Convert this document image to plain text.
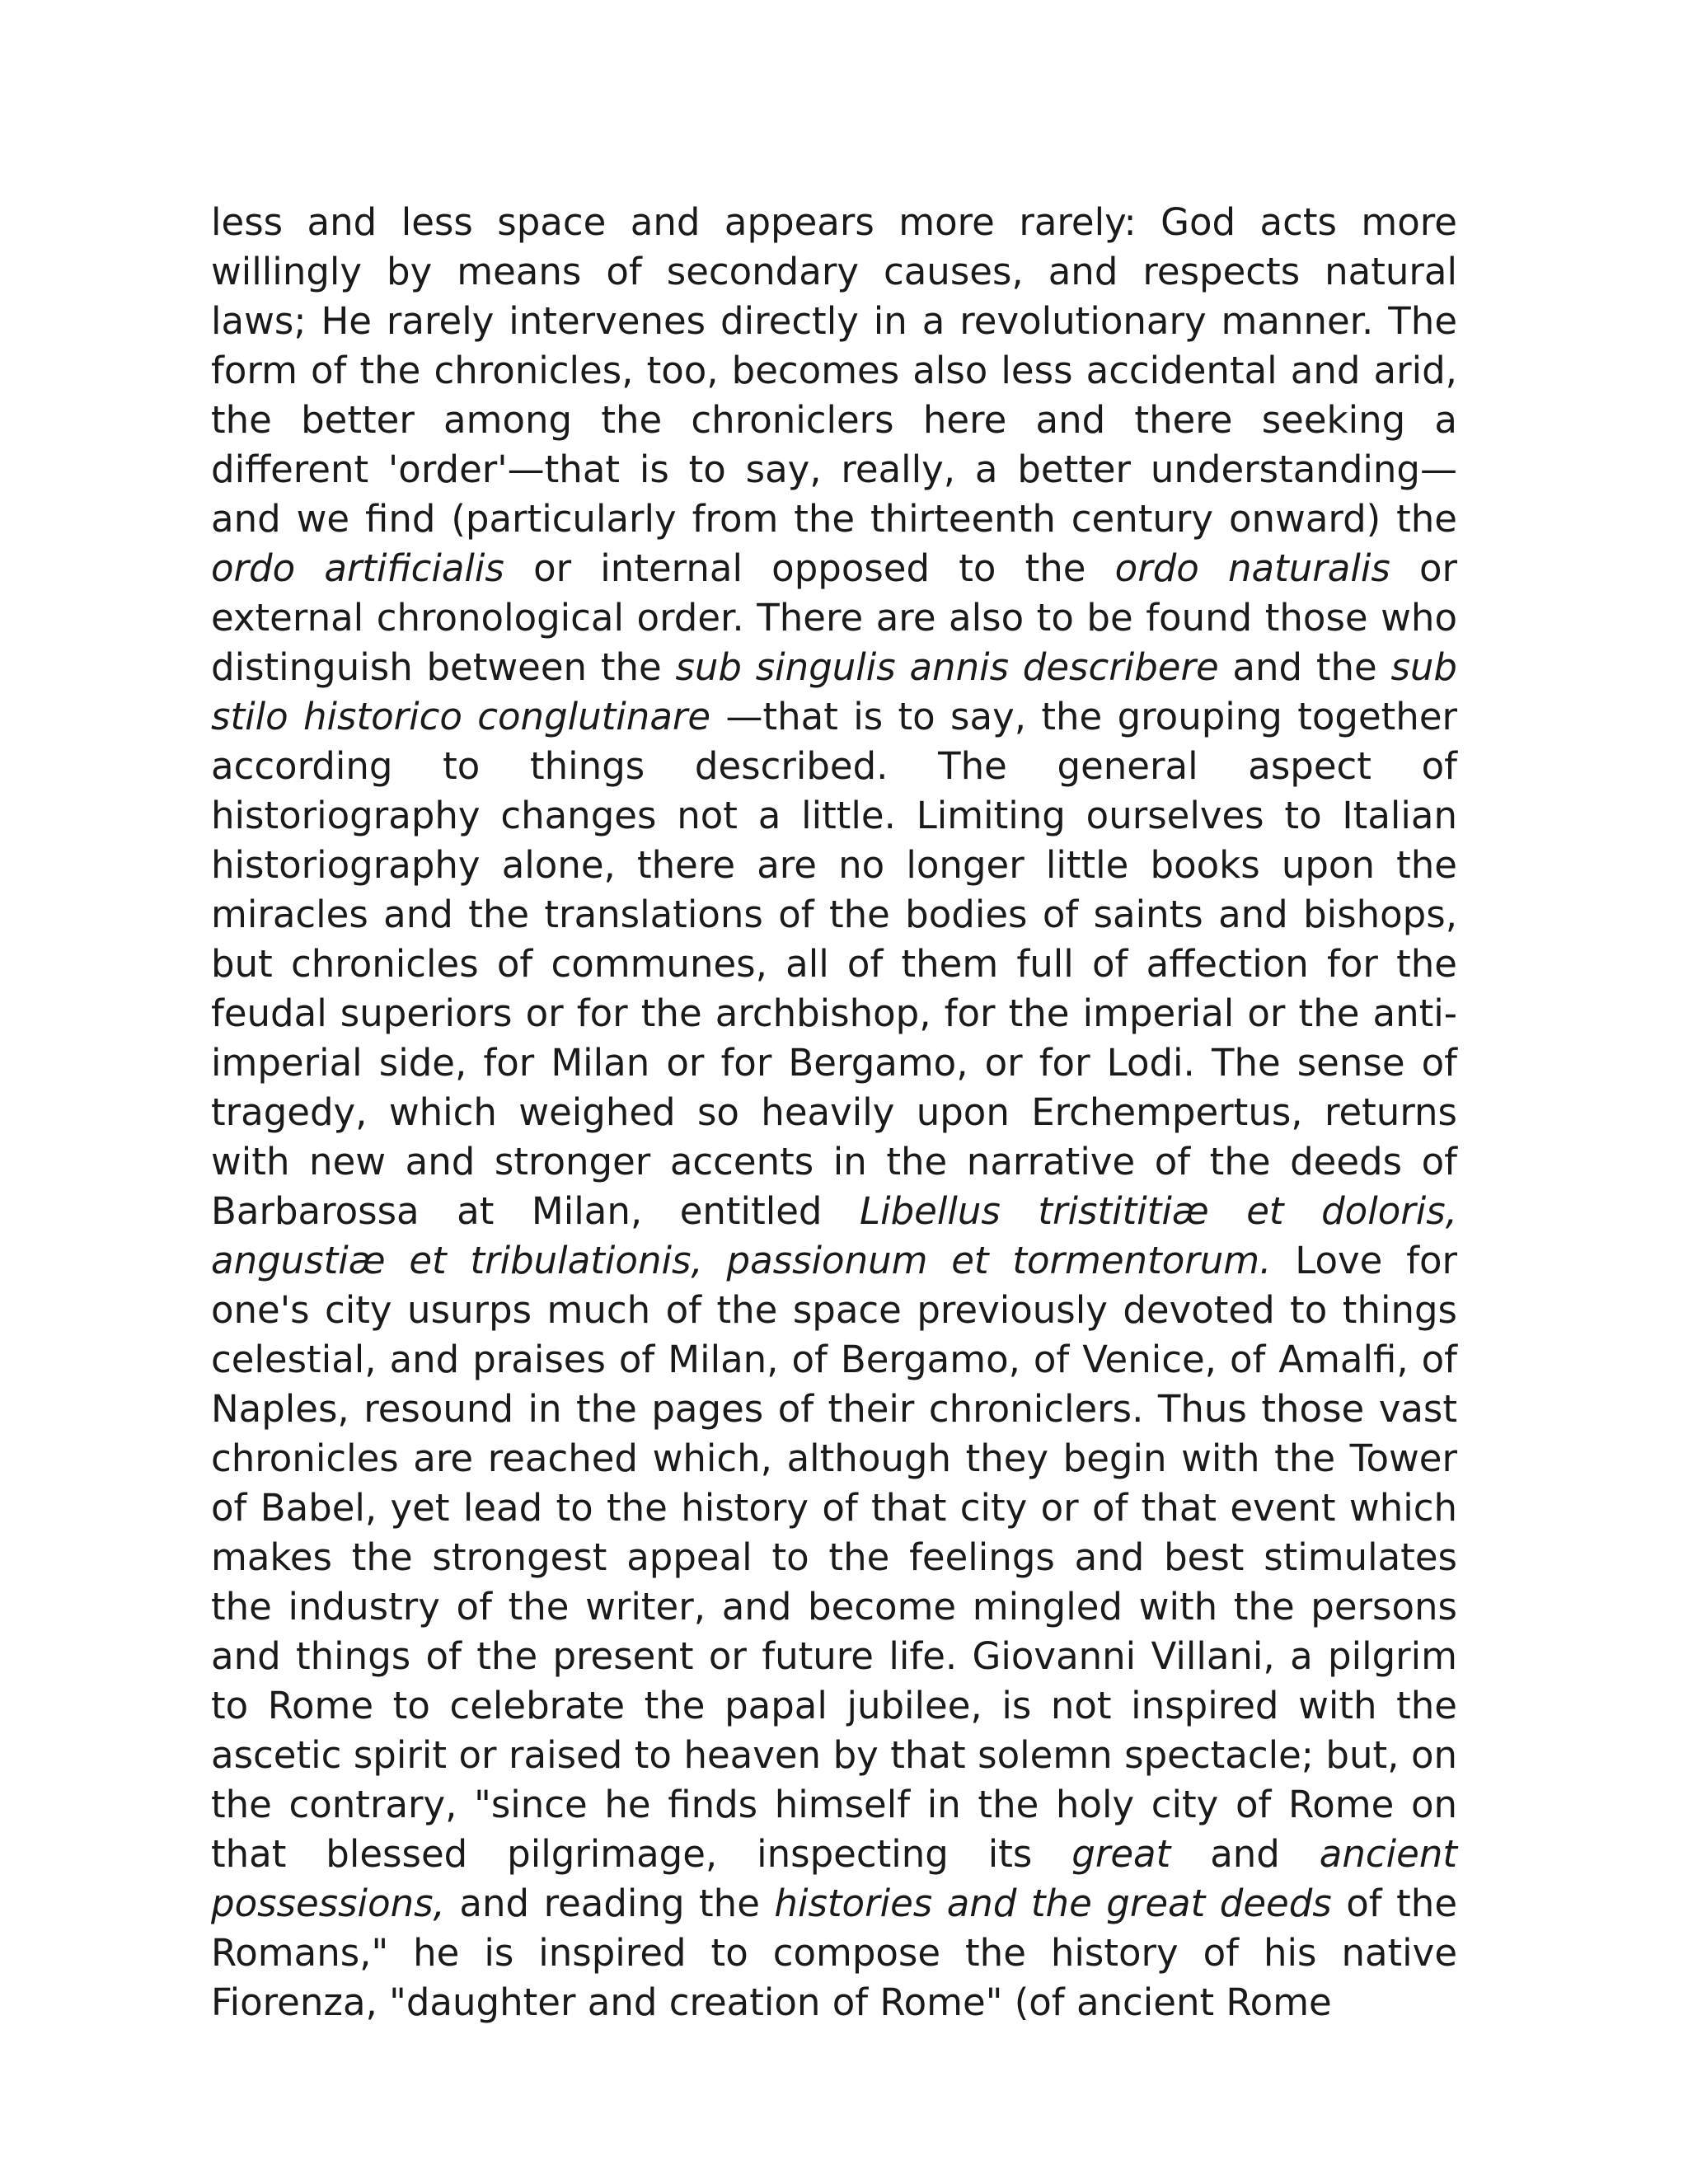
less and less space and appears more rarely: God acts more willingly by means of secondary causes, and respects natural laws; He rarely intervenes directly in a revolutionary manner. The form of the chronicles, too, becomes also less accidental and arid, the better among the chroniclers here and there seeking a different 'order'—that is to say, really, a better understanding—and we find (particularly from the thirteenth century onward) the ordo artificialis or internal opposed to the ordo naturalis or external chronological order. There are also to be found those who distinguish between the sub singulis annis describere and the sub stilo historico conglutinare —that is to say, the grouping together according to things described. The general aspect of historiography changes not a little. Limiting ourselves to Italian historiography alone, there are no longer little books upon the miracles and the translations of the bodies of saints and bishops, but chronicles of communes, all of them full of affection for the feudal superiors or for the archbishop, for the imperial or the anti-imperial side, for Milan or for Bergamo, or for Lodi. The sense of tragedy, which weighed so heavily upon Erchempertus, returns with new and stronger accents in the narrative of the deeds of Barbarossa at Milan, entitled Libellus tristititiæ et doloris, angustiæ et tribulationis, passionum et tormentorum. Love for one's city usurps much of the space previously devoted to things celestial, and praises of Milan, of Bergamo, of Venice, of Amalfi, of Naples, resound in the pages of their chroniclers. Thus those vast chronicles are reached which, although they begin with the Tower of Babel, yet lead to the history of that city or of that event which makes the strongest appeal to the feelings and best stimulates the industry of the writer, and become mingled with the persons and things of the present or future life. Giovanni Villani, a pilgrim to Rome to celebrate the papal jubilee, is not inspired with the ascetic spirit or raised to heaven by that solemn spectacle; but, on the contrary, "since he finds himself in the holy city of Rome on that blessed pilgrimage, inspecting its great and ancient possessions, and reading the histories and the great deeds of the Romans," he is inspired to compose the history of his native Fiorenza, "daughter and creation of Rome" (of ancient Rome
